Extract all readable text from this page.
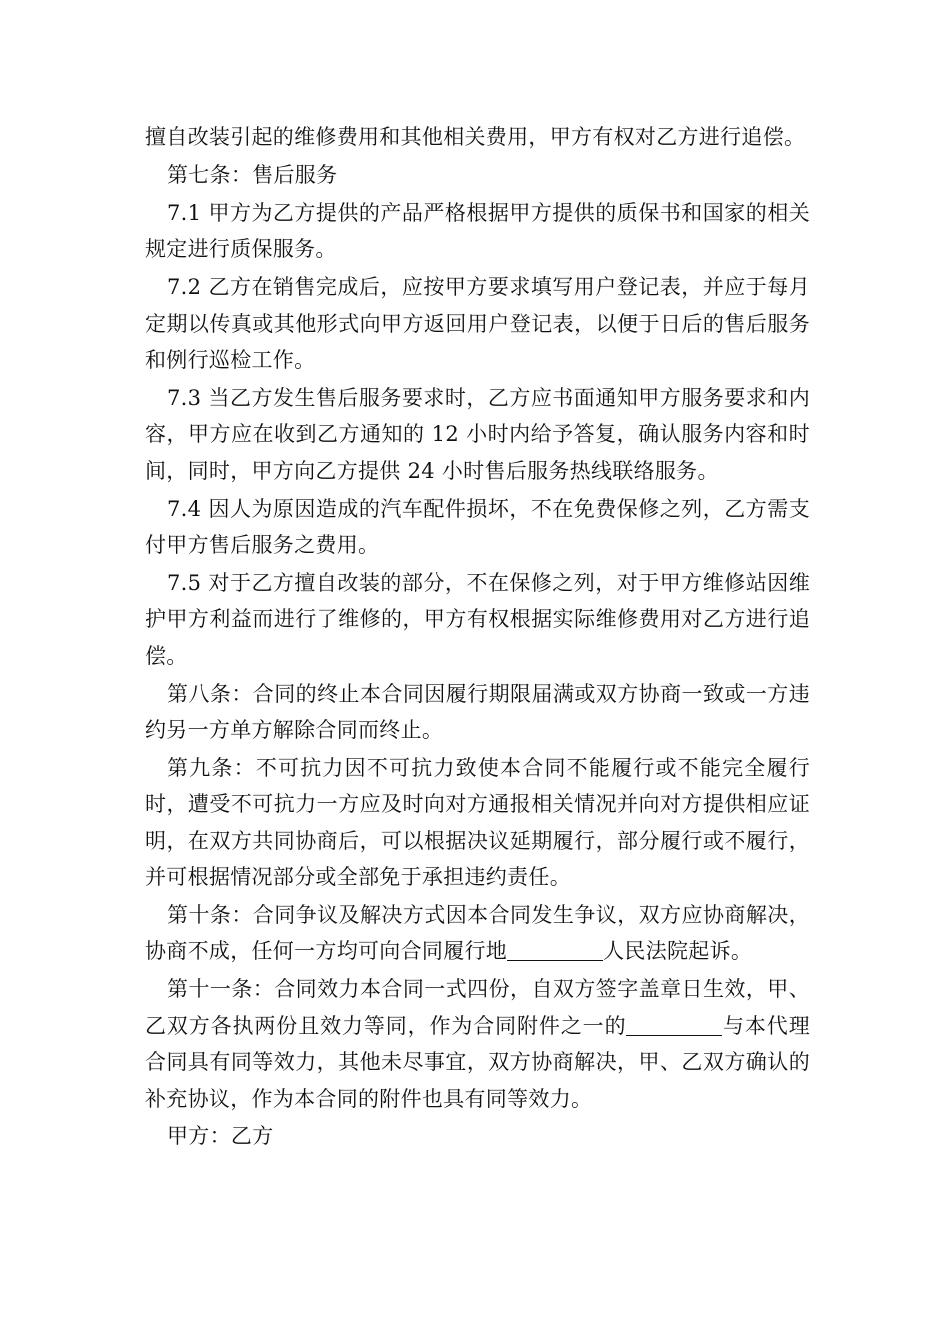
擅自改装引起的维修费用和其他相关费用，甲方有权对乙方进行追偿。

第七条：售后服务

7.1 甲方为乙方提供的产品严格根据甲方提供的质保书和国家的相关规定进行质保服务。

7.2 乙方在销售完成后，应按甲方要求填写用户登记表，并应于每月定期以传真或其他形式向甲方返回用户登记表，以便于日后的售后服务和例行巡检工作。

7.3 当乙方发生售后服务要求时，乙方应书面通知甲方服务要求和内容，甲方应在收到乙方通知的 12 小时内给予答复，确认服务内容和时间，同时，甲方向乙方提供 24 小时售后服务热线联络服务。

7.4 因人为原因造成的汽车配件损坏，不在免费保修之列，乙方需支付甲方售后服务之费用。

7.5 对于乙方擅自改装的部分，不在保修之列，对于甲方维修站因维护甲方利益而进行了维修的，甲方有权根据实际维修费用对乙方进行追偿。

第八条：合同的终止本合同因履行期限届满或双方协商一致或一方违约另一方单方解除合同而终止。

第九条：不可抗力因不可抗力致使本合同不能履行或不能完全履行时，遭受不可抗力一方应及时向对方通报相关情况并向对方提供相应证明，在双方共同协商后，可以根据决议延期履行，部分履行或不履行，并可根据情况部分或全部免于承担违约责任。

第十条：合同争议及解决方式因本合同发生争议，双方应协商解决，协商不成，任何一方均可向合同履行地	人民法院起诉。

第十一条：合同效力本合同一式四份，自双方签字盖章日生效，甲、乙双方各执两份且效力等同，作为合同附件之一的	与本代理合同具有同等效力，其他未尽事宜，双方协商解决，甲、乙双方确认的补充协议，作为本合同的附件也具有同等效力。

甲方：乙方
